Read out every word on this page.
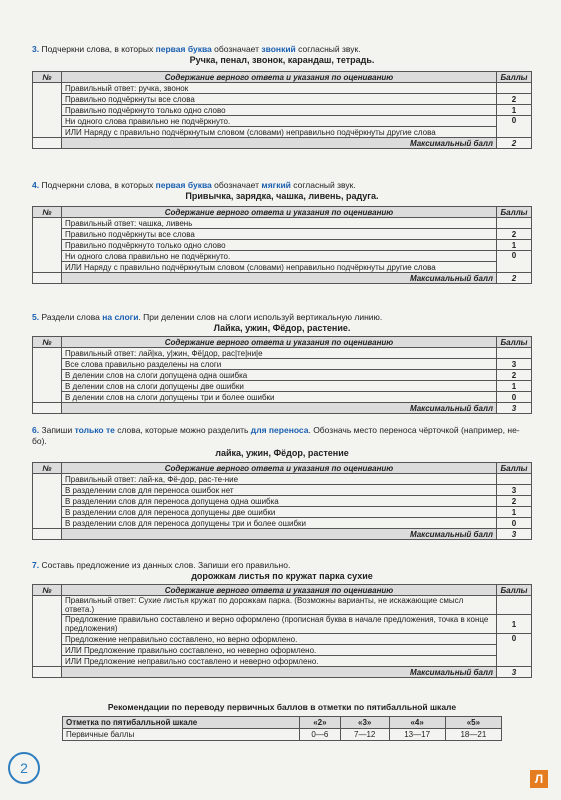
3. Подчеркни слова, в которых первая буква обозначает звонкий согласный звук.
Ручка, пенал, звонок, карандаш, тетрадь.
№	Содержание верного ответа и указания по оцениванию	Баллы
	Правильный ответ: ручка, звонок	
	Правильно подчёркнуты все слова	2
	Правильно подчёркнуто только одно слово	1
	Ни одного слова правильно не подчёркнуто.	0
	ИЛИ Наряду с правильно подчёркнутым словом (словами) неправильно подчёркнуты другие слова	
	Максимальный балл	2
4. Подчеркни слова, в которых первая буква обозначает мягкий согласный звук.
Привычка, зарядка, чашка, ливень, радуга.
№	Содержание верного ответа и указания по оцениванию	Баллы
	Правильный ответ: чашка, ливень	
	Правильно подчёркнуты все слова	2
	Правильно подчёркнуто только одно слово	1
	Ни одного слова правильно не подчёркнуто.	0
	ИЛИ Наряду с правильно подчёркнутым словом (словами) неправильно подчёркнуты другие слова	
	Максимальный балл	2
5. Раздели слова на слоги. При делении слов на слоги используй вертикальную линию.
Лайка, ужин, Фёдор, растение.
№	Содержание верного ответа и указания по оцениванию	Баллы
	Правильный ответ: лай|ка, у|жин, Фё|дор, рас|те|ни|е	
	Все слова правильно разделены на слоги	3
	В делении слов на слоги допущена одна ошибка	2
	В делении слов на слоги допущены две ошибки	1
	В делении слов на слоги допущены три и более ошибки	0
	Максимальный балл	3
6. Запиши только те слова, которые можно разделить для переноса. Обозначь место переноса чёрточкой (например, не-бо).
лайка, ужин, Фёдор, растение
№	Содержание верного ответа и указания по оцениванию	Баллы
	Правильный ответ: лай-ка, Фё-дор, рас-те-ние	
	В разделении слов для переноса ошибок нет	3
	В разделении слов для переноса допущена одна ошибка	2
	В разделении слов для переноса допущены две ошибки	1
	В разделении слов для переноса допущены три и более ошибки	0
	Максимальный балл	3
7. Составь предложение из данных слов. Запиши его правильно.
дорожкам листья по кружат парка сухие
№	Содержание верного ответа и указания по оцениванию	Баллы
	Правильный ответ: Сухие листья кружат по дорожкам парка. (Возможны варианты, не искажающие смысл ответа.)	
	Предложение правильно составлено и верно оформлено (прописная буква в начале предложения, точка в конце предложения)	1
	Предложение неправильно составлено, но верно оформлено.	0
	ИЛИ Предложение правильно составлено, но неверно оформлено.	
	ИЛИ Предложение неправильно составлено и неверно оформлено.	
	Максимальный балл	3
Рекомендации по переводу первичных баллов в отметки по пятибалльной шкале
Отметка по пятибалльной шкале	«2»	«3»	«4»	«5»
Первичные баллы	0—6	7—12	13—17	18—21
2
Л
